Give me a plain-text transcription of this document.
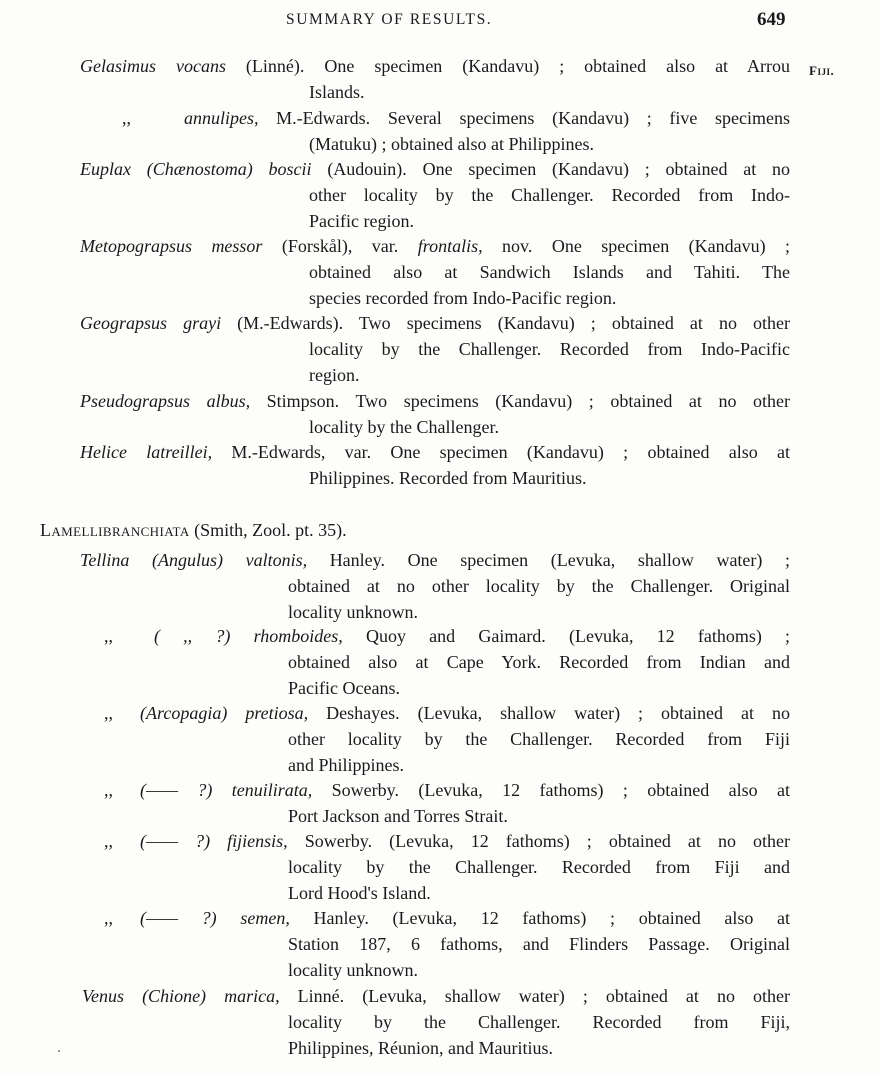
SUMMARY OF RESULTS.	649
Fiji.
Gelasimus vocans (Linné). One specimen (Kandavu) ; obtained also at Arrou
Islands.
,,	annulipes, M.-Edwards. Several specimens (Kandavu) ; five specimens
(Matuku) ; obtained also at Philippines.
Euplax (Chænostoma) boscii (Audouin). One specimen (Kandavu) ; obtained at no
other locality by the Challenger. Recorded from Indo-
Pacific region.
Metopograpsus messor (Forskål), var. frontalis, nov. One specimen (Kandavu) ;
obtained also at Sandwich Islands and Tahiti. The
species recorded from Indo-Pacific region.
Geograpsus grayi (M.-Edwards). Two specimens (Kandavu) ; obtained at no other
locality by the Challenger. Recorded from Indo-Pacific
region.
Pseudograpsus albus, Stimpson. Two specimens (Kandavu) ; obtained at no other
locality by the Challenger.
Helice latreillei, M.-Edwards, var. One specimen (Kandavu) ; obtained also at
Philippines. Recorded from Mauritius.
Lamellibranchiata (Smith, Zool. pt. 35).
Tellina (Angulus) valtonis, Hanley. One specimen (Levuka, shallow water) ;
obtained at no other locality by the Challenger. Original
locality unknown.
,, ( ,, ?) rhomboides, Quoy and Gaimard. (Levuka, 12 fathoms) ;
obtained also at Cape York. Recorded from Indian and
Pacific Oceans.
,, (Arcopagia) pretiosa, Deshayes. (Levuka, shallow water) ; obtained at no
other locality by the Challenger. Recorded from Fiji
and Philippines.
,, (—— ?) tenuilirata, Sowerby. (Levuka, 12 fathoms) ; obtained also at
Port Jackson and Torres Strait.
,, (—— ?) fijiensis, Sowerby. (Levuka, 12 fathoms) ; obtained at no other
locality by the Challenger. Recorded from Fiji and
Lord Hood's Island.
,, (—— ?) semen, Hanley. (Levuka, 12 fathoms) ; obtained also at
Station 187, 6 fathoms, and Flinders Passage. Original
locality unknown.
Venus (Chione) marica, Linné. (Levuka, shallow water) ; obtained at no other
locality by the Challenger. Recorded from Fiji,
Philippines, Réunion, and Mauritius.
